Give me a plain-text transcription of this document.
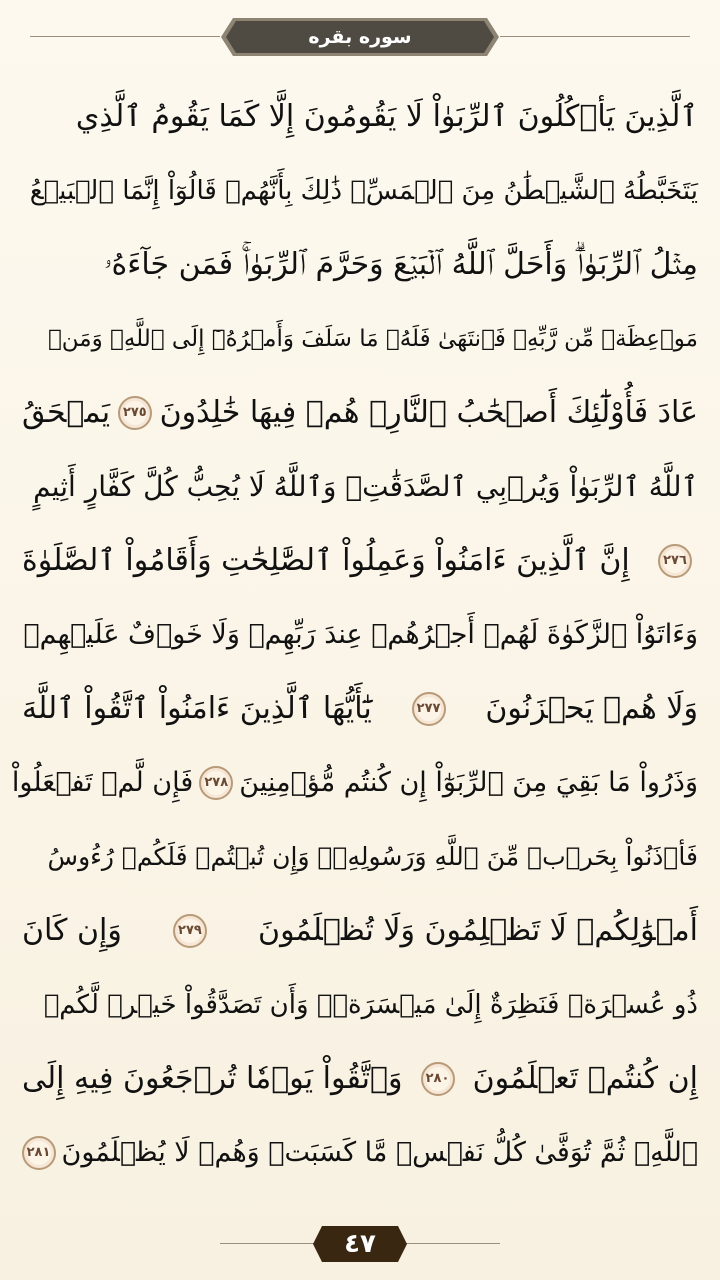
سوره بقره
ٱلَّذِينَ يَأۡكُلُونَ ٱلرِّبَوٰاْ لَا يَقُومُونَ إِلَّا كَمَا يَقُومُ ٱلَّذِي
يَتَخَبَّطُهُ ٱلشَّيۡطَٰنُ مِنَ ٱلۡمَسِّۚ ذَٰلِكَ بِأَنَّهُمۡ قَالُوٓاْ إِنَّمَا ٱلۡبَيۡعُ
مِثۡلُ ٱلرِّبَوٰاْۗ وَأَحَلَّ ٱللَّهُ ٱلۡبَيۡعَ وَحَرَّمَ ٱلرِّبَوٰاْۚ فَمَن جَآءَهُۥ
مَوۡعِظَةٞ مِّن رَّبِّهِۦ فَٱنتَهَىٰ فَلَهُۥ مَا سَلَفَ وَأَمۡرُهُۥٓ إِلَى ٱللَّهِۖ وَمَنۡ
عَادَ فَأُوْلَٰٓئِكَ أَصۡحَٰبُ ٱلنَّارِۖ هُمۡ فِيهَا خَٰلِدُونَ
٢٧٥
يَمۡحَقُ
ٱللَّهُ ٱلرِّبَوٰاْ وَيُرۡبِي ٱلصَّدَقَٰتِۗ وَٱللَّهُ لَا يُحِبُّ كُلَّ كَفَّارٍ أَثِيمٍ
٢٧٦
إِنَّ ٱلَّذِينَ ءَامَنُواْ وَعَمِلُواْ ٱلصَّٰلِحَٰتِ وَأَقَامُواْ ٱلصَّلَوٰةَ
وَءَاتَوُاْ ٱلزَّكَوٰةَ لَهُمۡ أَجۡرُهُمۡ عِندَ رَبِّهِمۡ وَلَا خَوۡفٌ عَلَيۡهِمۡ
وَلَا هُمۡ يَحۡزَنُونَ
٢٧٧
يَٰٓأَيُّهَا ٱلَّذِينَ ءَامَنُواْ ٱتَّقُواْ ٱللَّهَ
وَذَرُواْ مَا بَقِيَ مِنَ ٱلرِّبَوٰٓاْ إِن كُنتُم مُّؤۡمِنِينَ
٢٧٨
فَإِن لَّمۡ تَفۡعَلُواْ
فَأۡذَنُواْ بِحَرۡبٖ مِّنَ ٱللَّهِ وَرَسُولِهِۦۖ وَإِن تُبۡتُمۡ فَلَكُمۡ رُءُوسُ
أَمۡوَٰلِكُمۡ لَا تَظۡلِمُونَ وَلَا تُظۡلَمُونَ
٢٧٩
وَإِن كَانَ
ذُو عُسۡرَةٖ فَنَظِرَةٌ إِلَىٰ مَيۡسَرَةٖۚ وَأَن تَصَدَّقُواْ خَيۡرٞ لَّكُمۡ
إِن كُنتُمۡ تَعۡلَمُونَ
٢٨٠
وَٱتَّقُواْ يَوۡمٗا تُرۡجَعُونَ فِيهِ إِلَى
ٱللَّهِۖ ثُمَّ تُوَفَّىٰ كُلُّ نَفۡسٖ مَّا كَسَبَتۡ وَهُمۡ لَا يُظۡلَمُونَ
٢٨١
٤٧
